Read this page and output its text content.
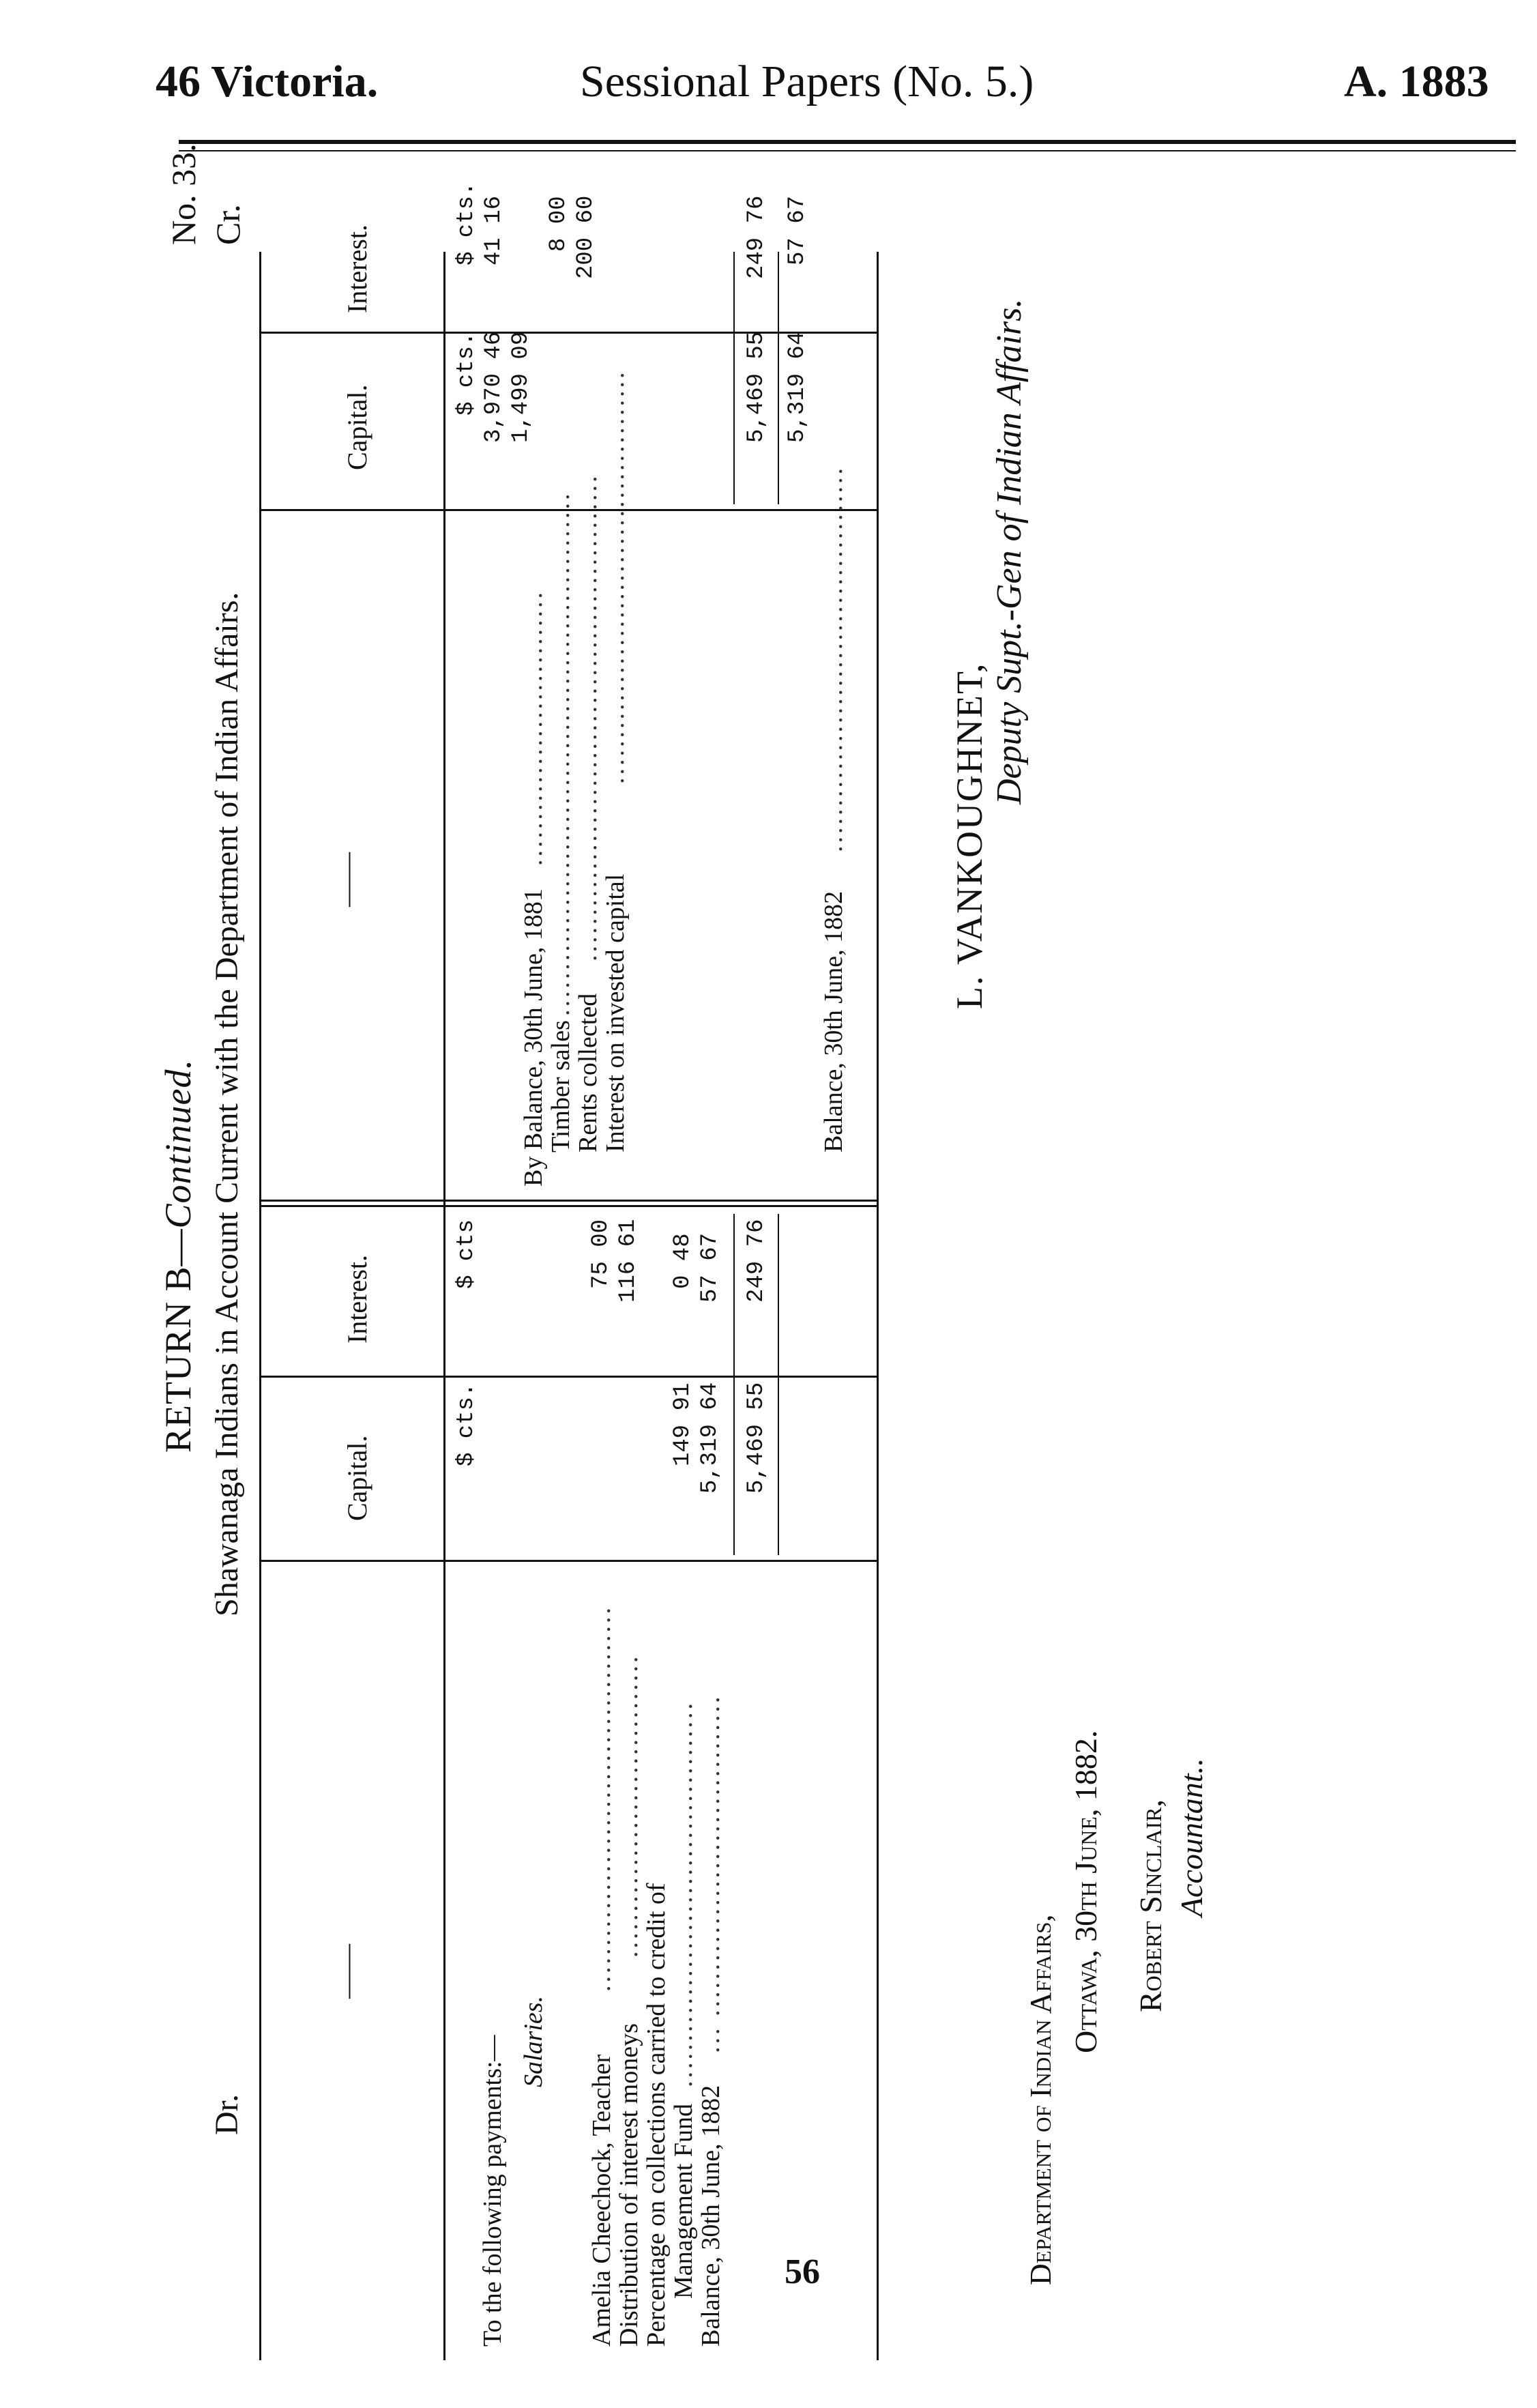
46 Victoria.	Sessional Papers (No. 5.)	A. 1883
RETURN B—Continued. Shawanaga Indians in Account Current with the Department of Indian Affairs.
Dr.
No. 33. Cr.
——
Capital.
Interest.
——
Capital.
Interest.
$ cts.
$ cts
$ cts.
$ cts.
To the following payments:— Salaries.
Amelia Cheechock, Teacher
..........................................
75 00
Distribution of interest moneys
.................................
116 61
Percentage on collections carried to credit of
Management Fund
..........................................
149 91
0 48
Balance, 30th June, 1882
... ...................................
5,319 64
57 67
5,469 55
249 76
By Balance, 30th June, 1881
..............................
3,970 46
41 16
Timber sales
.........................................................
1,499 09
Rents collected
.....................................................
8 00
Interest on invested capital
.............................................
200 60
5,469 55
249 76
Balance, 30th June, 1882
..........................................
5,319 64
57 67
L. VANKOUGHNET,
Deputy Supt.-Gen of Indian Affairs.
Department of Indian Affairs,
Ottawa, 30th June, 1882. Robert Sinclair, Accountant..
56
